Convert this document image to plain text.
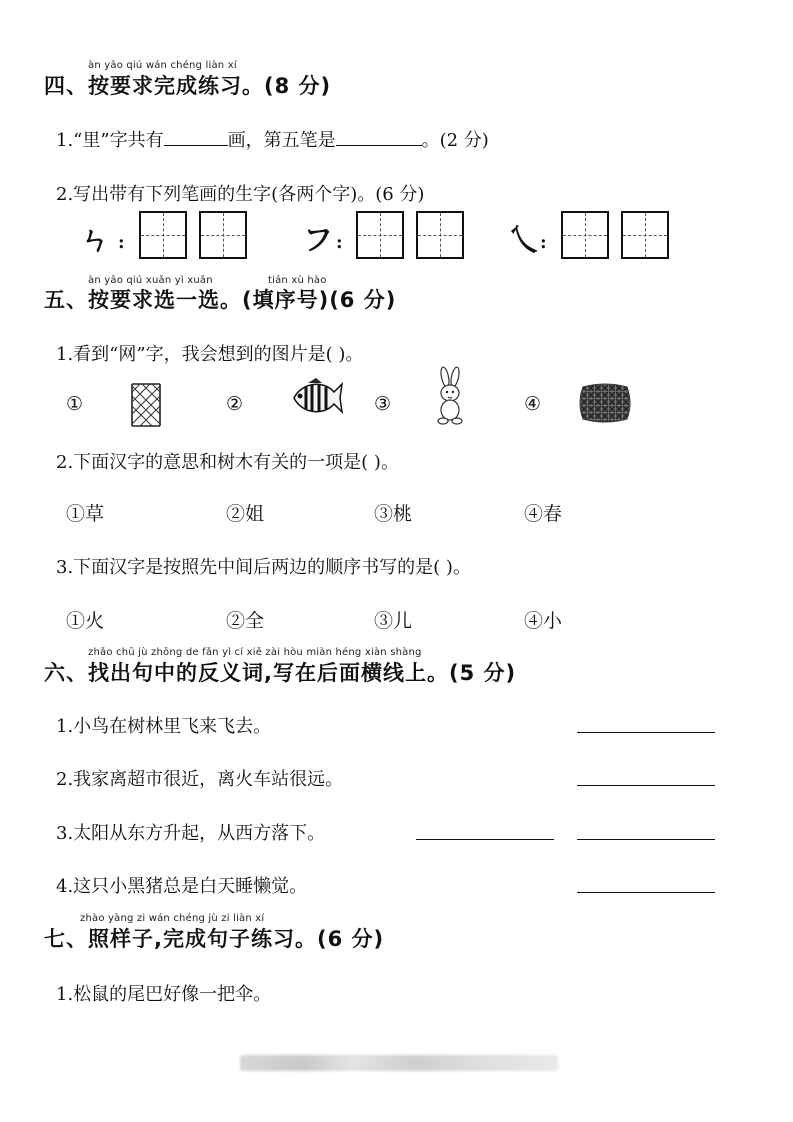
àn yāo qiú wán chéng liàn xí
四、按要求完成练习。(8 分)
1.“里”字共有	画，第五笔是	。(2 分)
2.写出带有下列笔画的生字(各两个字)。(6 分)
ㄣ :	フ :	乀 :
àn yāo qiú xuǎn yì xuǎn	tián xù hào
五、按要求选一选。(填序号)(6 分)
1.看到“网”字，我会想到的图片是( )。
①	②	③	④
2.下面汉字的意思和树木有关的一项是( )。
①草	②姐	③桃	④春
3.下面汉字是按照先中间后两边的顺序书写的是( )。
①火	②全	③儿	④小
zhǎo chū jù zhōng de fǎn yì cí xiě zài hòu miàn héng xiàn shàng
六、找出句中的反义词,写在后面横线上。(5 分)
1.小鸟在树林里飞来飞去。
2.我家离超市很近，离火车站很远。
3.太阳从东方升起，从西方落下。
4.这只小黑猪总是白天睡懒觉。
zhào yàng zi wán chéng jù zi liàn xí
七、照样子,完成句子练习。(6 分)
1.松鼠的尾巴好像一把伞。
